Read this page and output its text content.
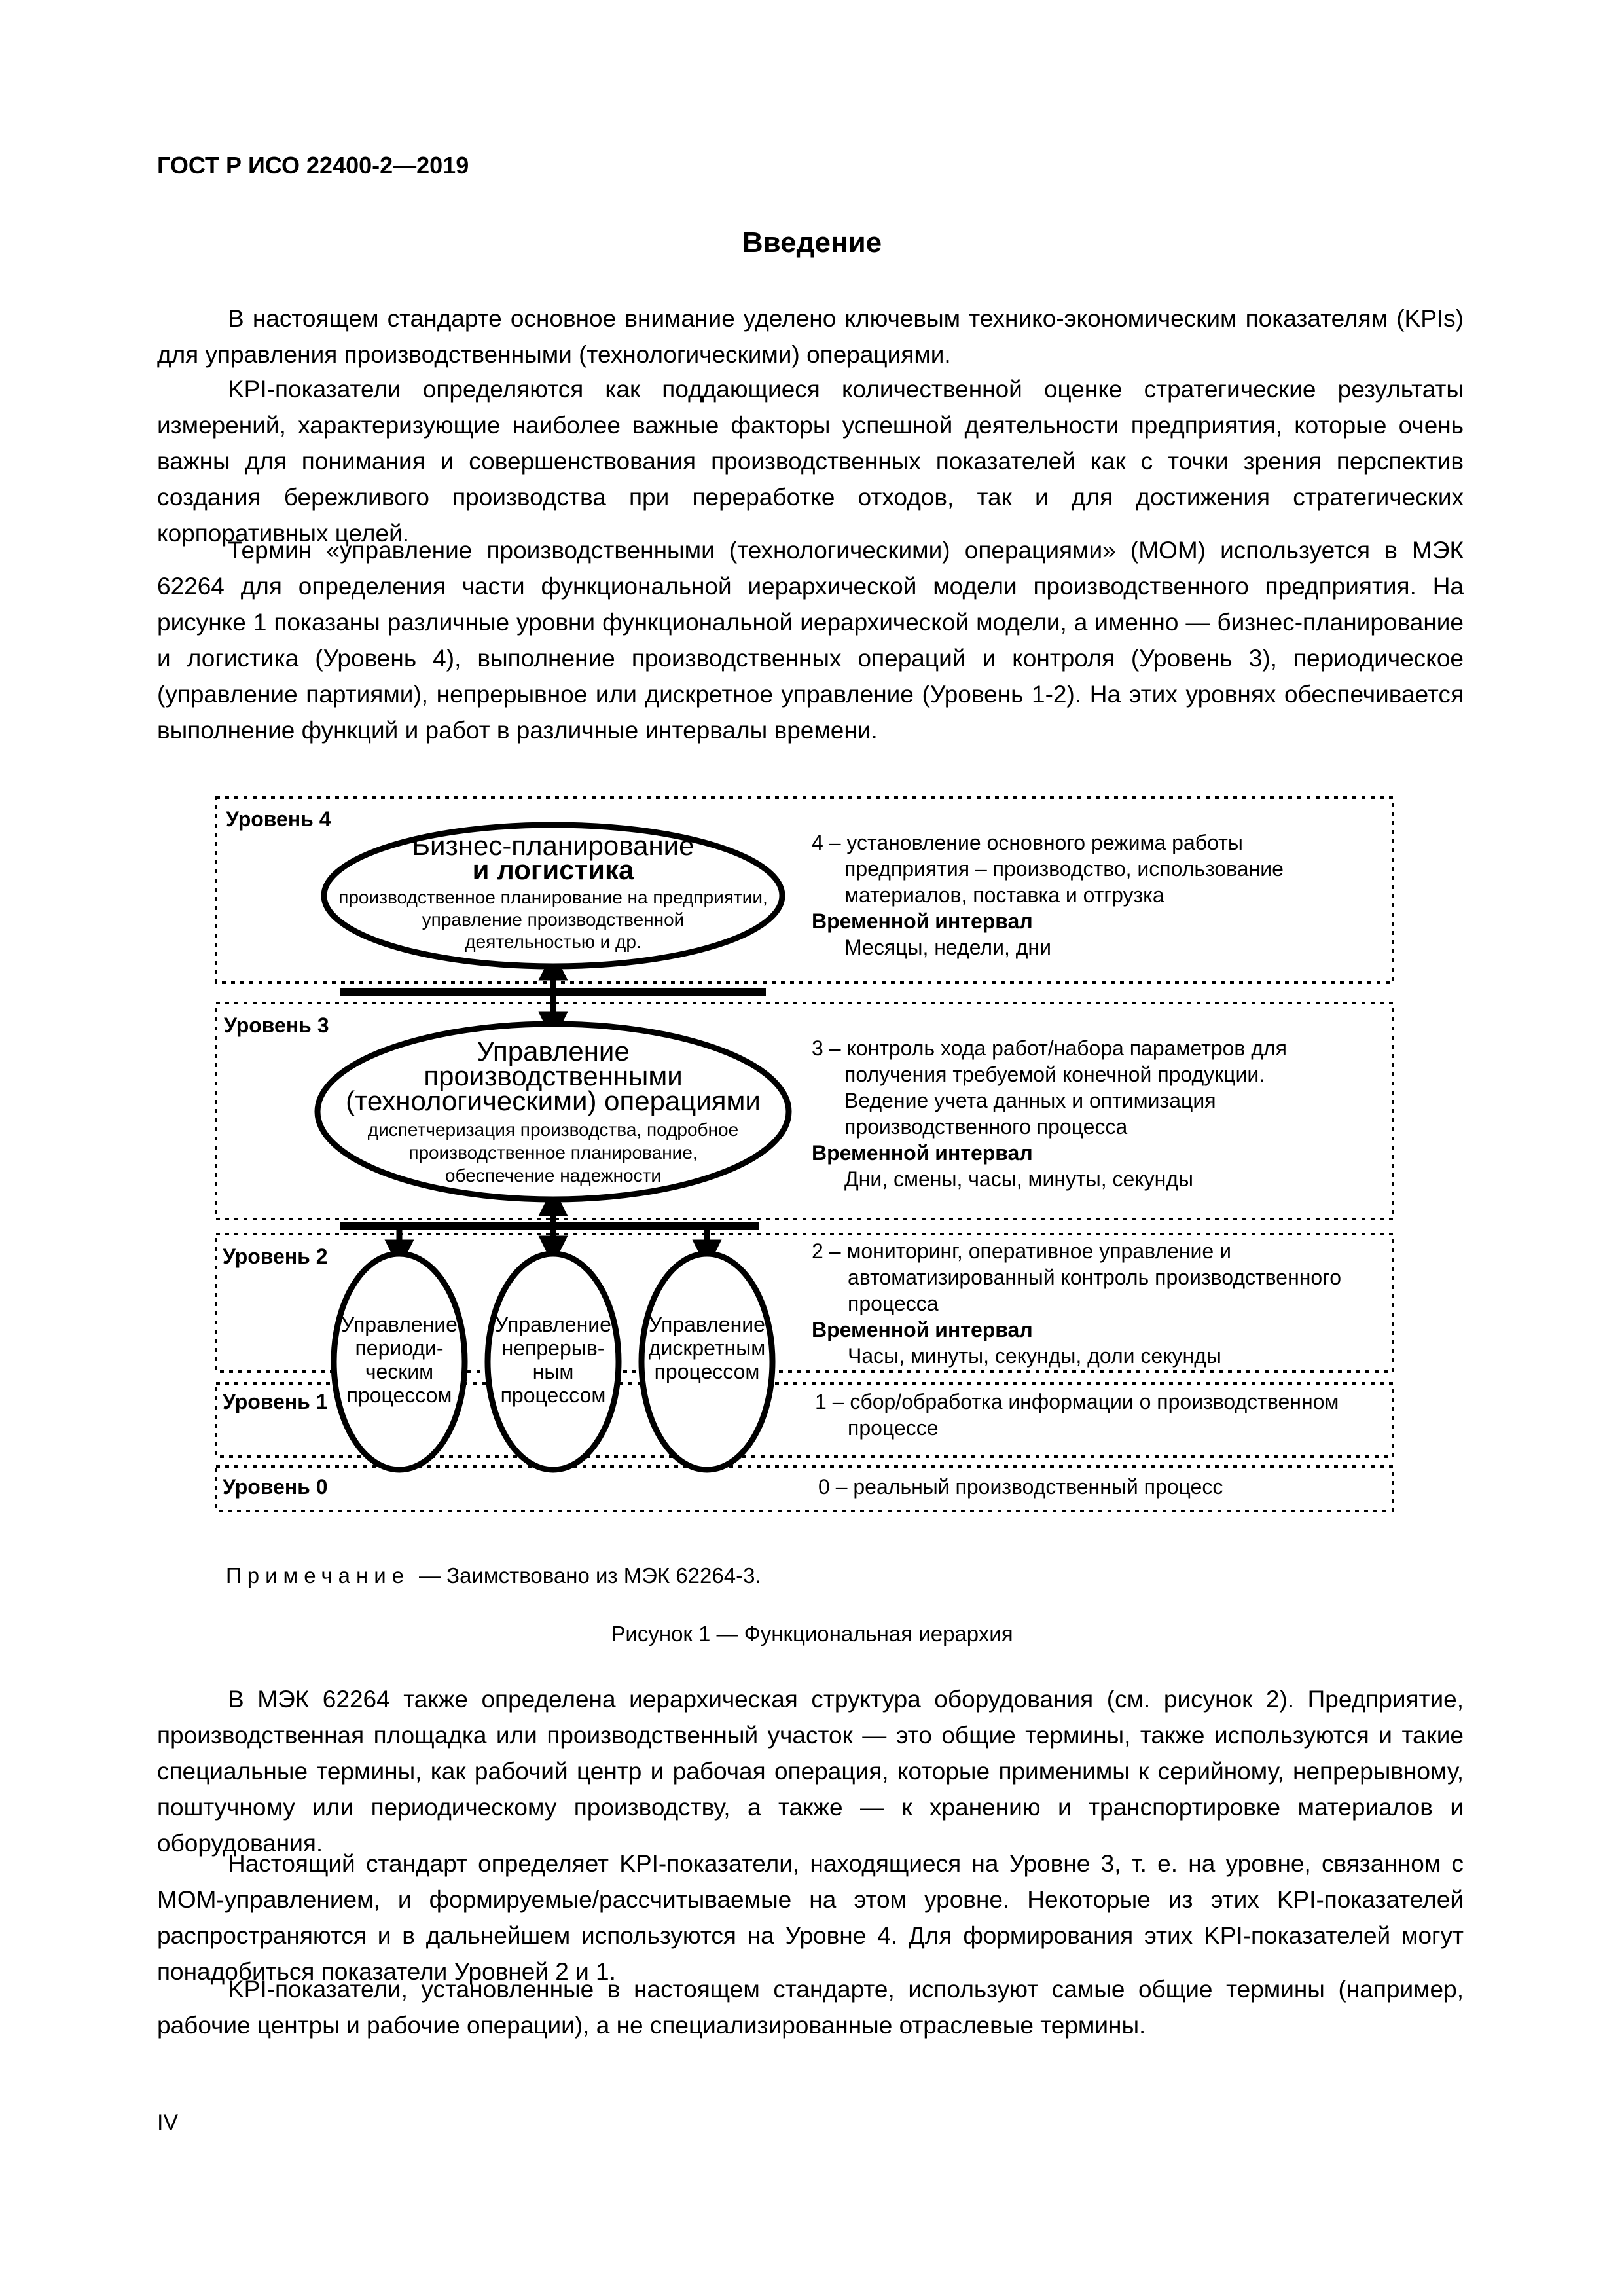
ГОСТ Р ИСО 22400-2—2019
Введение

В настоящем стандарте основное внимание уделено ключевым технико-экономическим показателям (KPIs) для управления производственными (технологическими) операциями.

KPI-показатели определяются как поддающиеся количественной оценке стратегические результаты измерений, характеризующие наиболее важные факторы успешной деятельности предприятия, которые очень важны для понимания и совершенствования производственных показателей как с точки зрения перспектив создания бережливого производства при переработке отходов, так и для достижения стратегических корпоративных целей.

Термин «управление производственными (технологическими) операциями» (МОМ) используется в МЭК 62264 для определения части функциональной иерархической модели производственного предприятия. На рисунке 1 показаны различные уровни функциональной иерархической модели, а именно — бизнес-планирование и логистика (Уровень 4), выполнение производственных операций и контроля (Уровень 3), периодическое (управление партиями), непрерывное или дискретное управление (Уровень 1-2). На этих уровнях обеспечивается выполнение функций и работ в различные интервалы времени.

Уровень 4
Уровень 3
Уровень 2
Уровень 1
Уровень 0
Бизнес-планирование
и логистика
производственное планирование на предприятии,
управление производственной
деятельностью и др.
Управление
производственными
(технологическими) операциями
диспетчеризация производства, подробное
производственное планирование,
обеспечение надежности
Управление
периоди-
ческим
процессом
Управление
непрерыв-
ным
процессом
Управление
дискретным
процессом
4 – установление основного режима работы
предприятия – производство, использование
материалов, поставка и отгрузка
Временной интервал
Месяцы, недели, дни
3 – контроль хода работ/набора параметров для
получения требуемой конечной продукции.
Ведение учета данных и оптимизация
производственного процесса
Временной интервал
Дни, смены, часы, минуты, секунды
2 – мониторинг, оперативное управление и
автоматизированный контроль производственного
процесса
Временной интервал
Часы, минуты, секунды, доли секунды
1 – сбор/обработка информации о производственном
процессе
0 – реальный производственный процесс
Примечание — Заимствовано из МЭК 62264-3.
Рисунок 1 — Функциональная иерархия

В МЭК 62264 также определена иерархическая структура оборудования (см. рисунок 2). Предприятие, производственная площадка или производственный участок — это общие термины, также используются и такие специальные термины, как рабочий центр и рабочая операция, которые применимы к серийному, непрерывному, поштучному или периодическому производству, а также — к хранению и транспортировке материалов и оборудования.

Настоящий стандарт определяет KPI-показатели, находящиеся на Уровне 3, т. е. на уровне, связанном с МОМ-управлением, и формируемые/рассчитываемые на этом уровне. Некоторые из этих KPI-показателей распространяются и в дальнейшем используются на Уровне 4. Для формирования этих KPI-показателей могут понадобиться показатели Уровней 2 и 1.

KPI-показатели, установленные в настоящем стандарте, используют самые общие термины (например, рабочие центры и рабочие операции), а не специализированные отраслевые термины.

IV
